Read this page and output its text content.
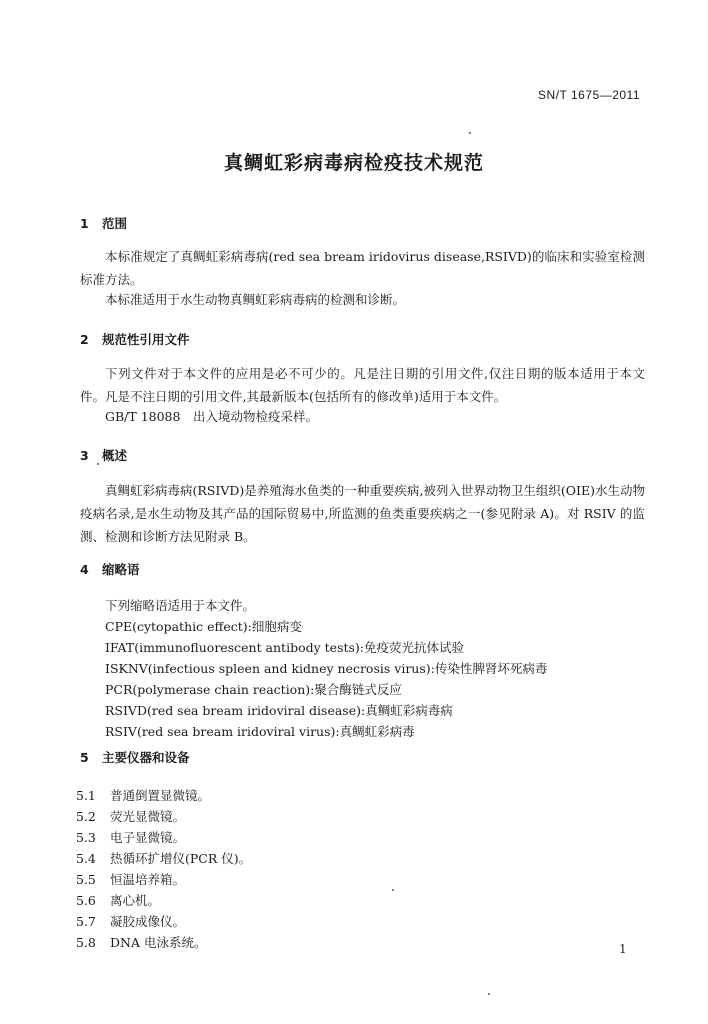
SN/T 1675—2011
真鲷虹彩病毒病检疫技术规范
1 范围
本标准规定了真鲷虹彩病毒病(red sea bream iridovirus disease,RSIVD)的临床和实验室检测标准方法。
本标准适用于水生动物真鲷虹彩病毒病的检测和诊断。
2 规范性引用文件
下列文件对于本文件的应用是必不可少的。凡是注日期的引用文件,仅注日期的版本适用于本文件。凡是不注日期的引用文件,其最新版本(包括所有的修改单)适用于本文件。
GB/T 18088　出入境动物检疫采样。
3 概述
真鲷虹彩病毒病(RSIVD)是养殖海水鱼类的一种重要疾病,被列入世界动物卫生组织(OIE)水生动物疫病名录,是水生动物及其产品的国际贸易中,所监测的鱼类重要疾病之一(参见附录 A)。对 RSIV 的监测、检测和诊断方法见附录 B。
4 缩略语
下列缩略语适用于本文件。
CPE(cytopathic effect):细胞病变
IFAT(immunofluorescent antibody tests):免疫荧光抗体试验
ISKNV(infectious spleen and kidney necrosis virus):传染性脾肾坏死病毒
PCR(polymerase chain reaction):聚合酶链式反应
RSIVD(red sea bream iridoviral disease):真鲷虹彩病毒病
RSIV(red sea bream iridoviral virus):真鲷虹彩病毒
5 主要仪器和设备
5.1 普通倒置显微镜。
5.2 荧光显微镜。
5.3 电子显微镜。
5.4 热循环扩增仪(PCR 仪)。
5.5 恒温培养箱。
5.6 离心机。
5.7 凝胶成像仪。
5.8 DNA 电泳系统。	1
